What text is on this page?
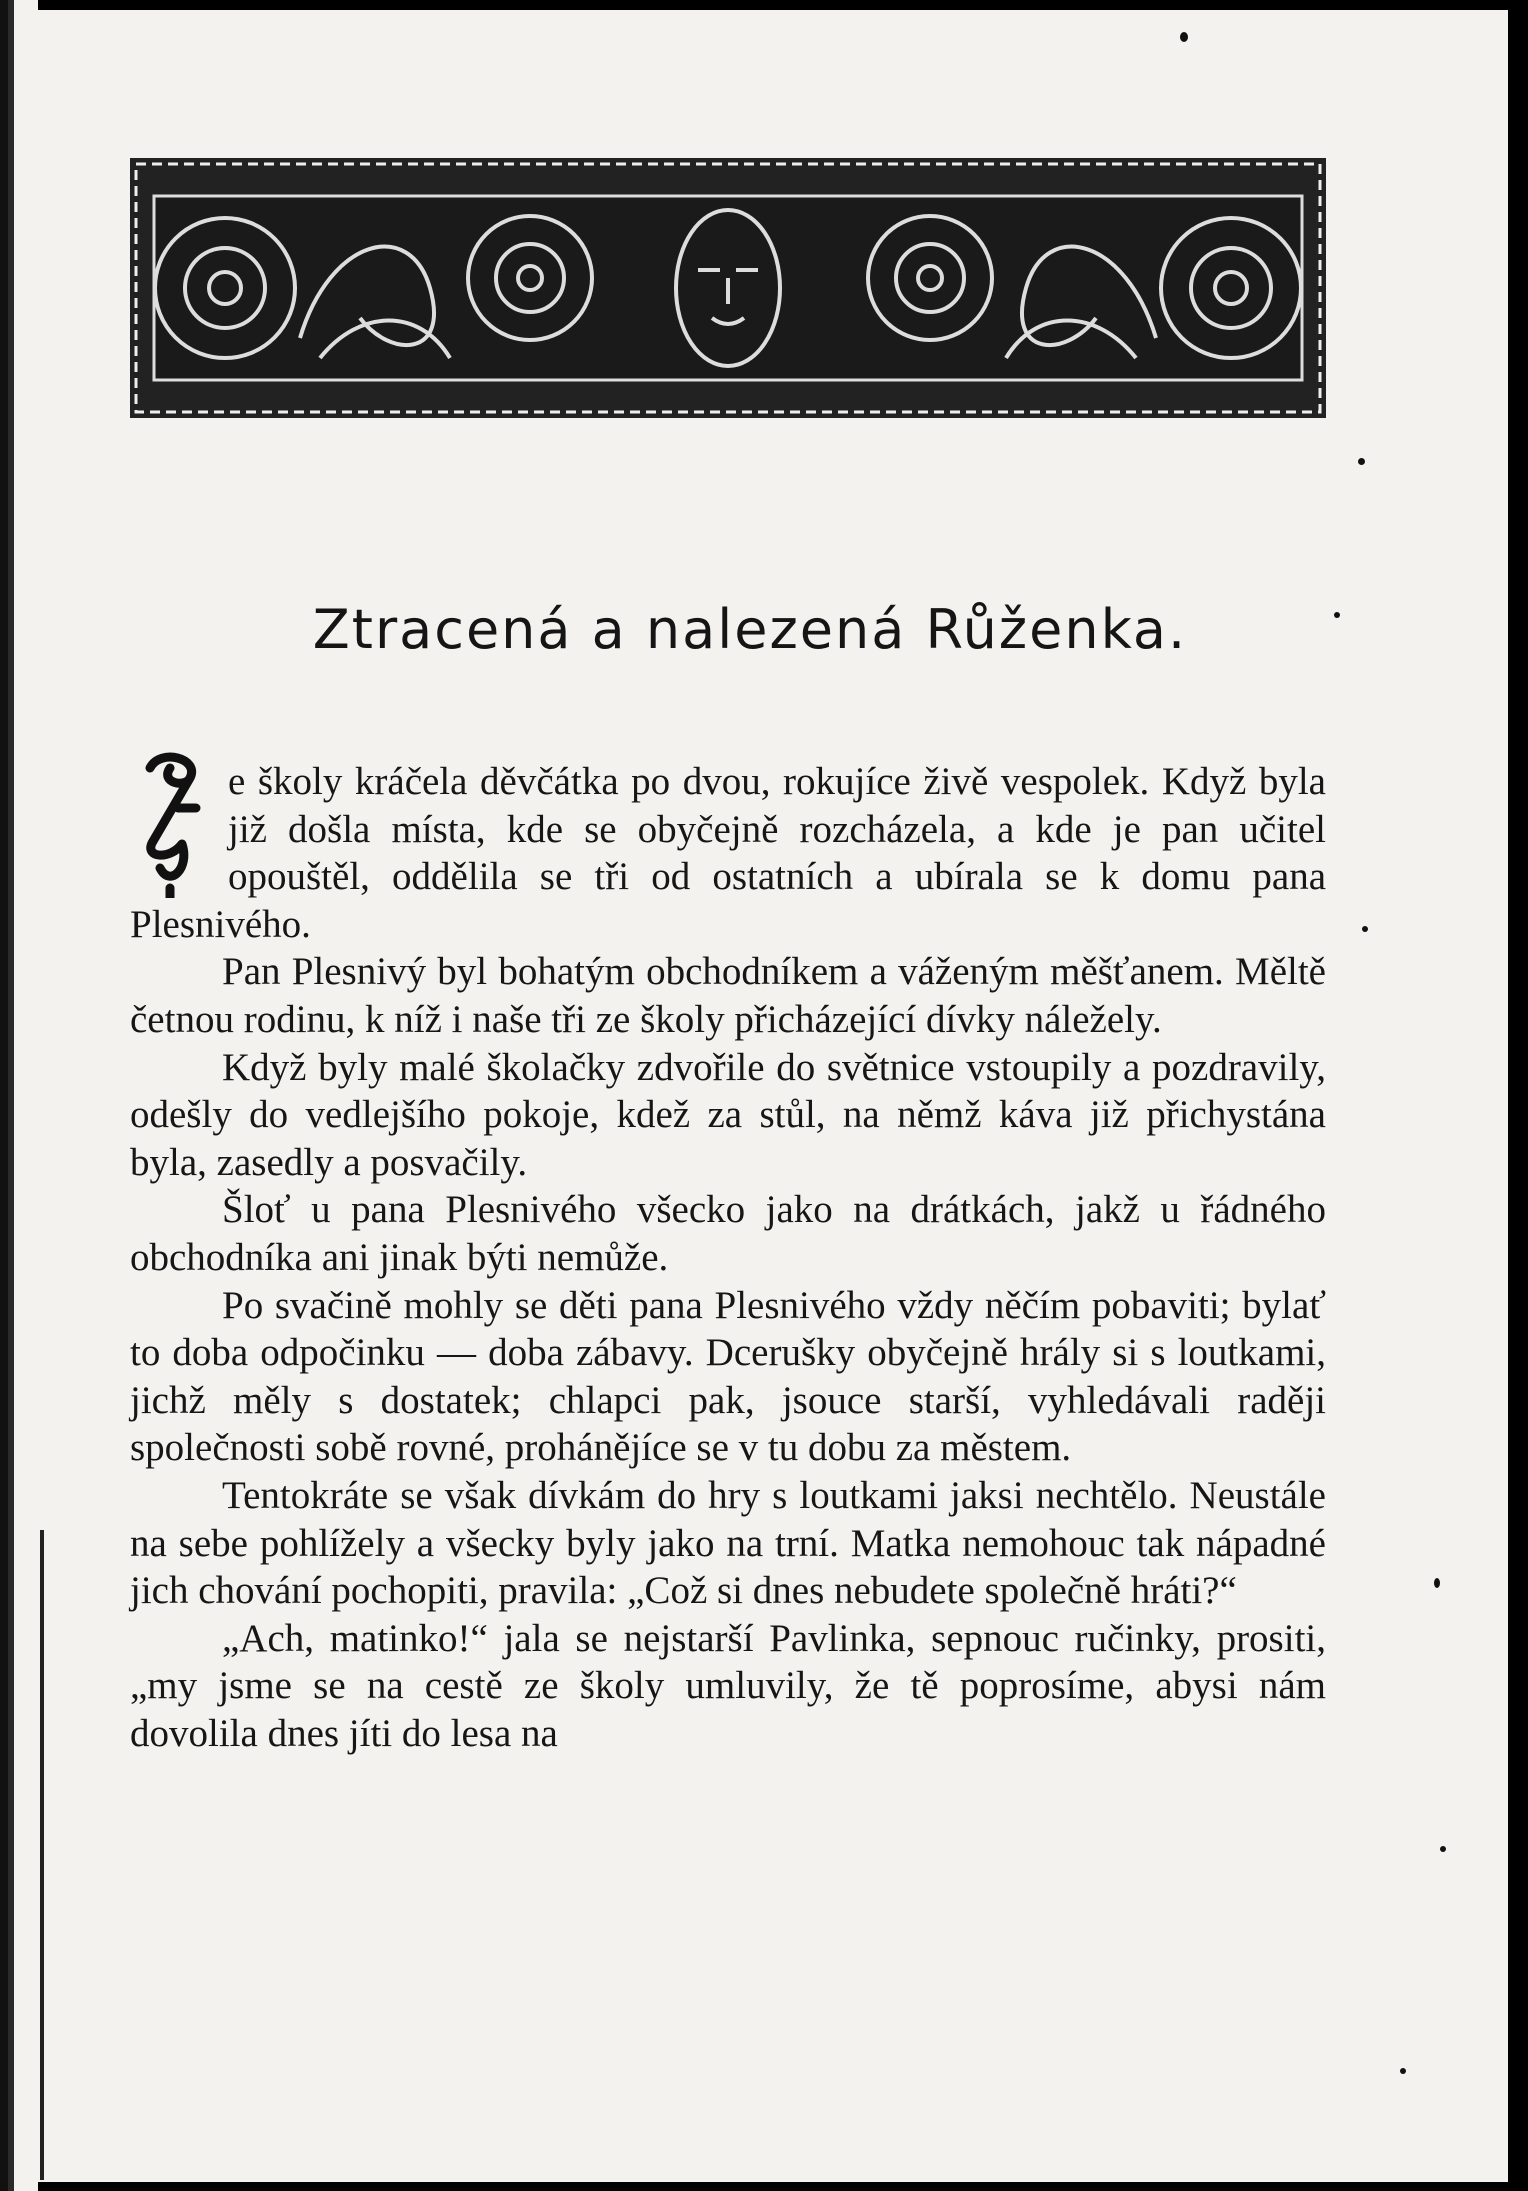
Ztracená a nalezená Růženka.

e školy kráčela děvčátka po dvou, rokujíce živě vespolek. Když byla již došla místa, kde se obyčejně rozcházela, a kde je pan učitel opouštěl, oddělila se tři od ostatních a ubírala se k domu pana Plesnivého.

Pan Plesnivý byl bohatým obchodníkem a váženým měšťanem. Měltě četnou rodinu, k níž i naše tři ze školy přicházející dívky náležely.

Když byly malé školačky zdvořile do světnice vstoupily a pozdravily, odešly do vedlejšího pokoje, kdež za stůl, na němž káva již přichystána byla, zasedly a posvačily.

Šloť u pana Plesnivého všecko jako na drátkách, jakž u řádného obchodníka ani jinak býti nemůže.

Po svačině mohly se děti pana Plesnivého vždy něčím pobaviti; bylať to doba odpočinku — doba zábavy. Dcerušky obyčejně hrály si s loutkami, jichž měly s dostatek; chlapci pak, jsouce starší, vyhledávali raději společnosti sobě rovné, prohánějíce se v tu dobu za městem.

Tentokráte se však dívkám do hry s loutkami jaksi nechtělo. Neustále na sebe pohlížely a všecky byly jako na trní. Matka nemohouc tak nápadné jich chování pochopiti, pravila: „Což si dnes nebudete společně hráti?“

„Ach, matinko!“ jala se nejstarší Pavlinka, sepnouc ručinky, prositi, „my jsme se na cestě ze školy umluvily, že tě poprosíme, abysi nám dovolila dnes jíti do lesa na
